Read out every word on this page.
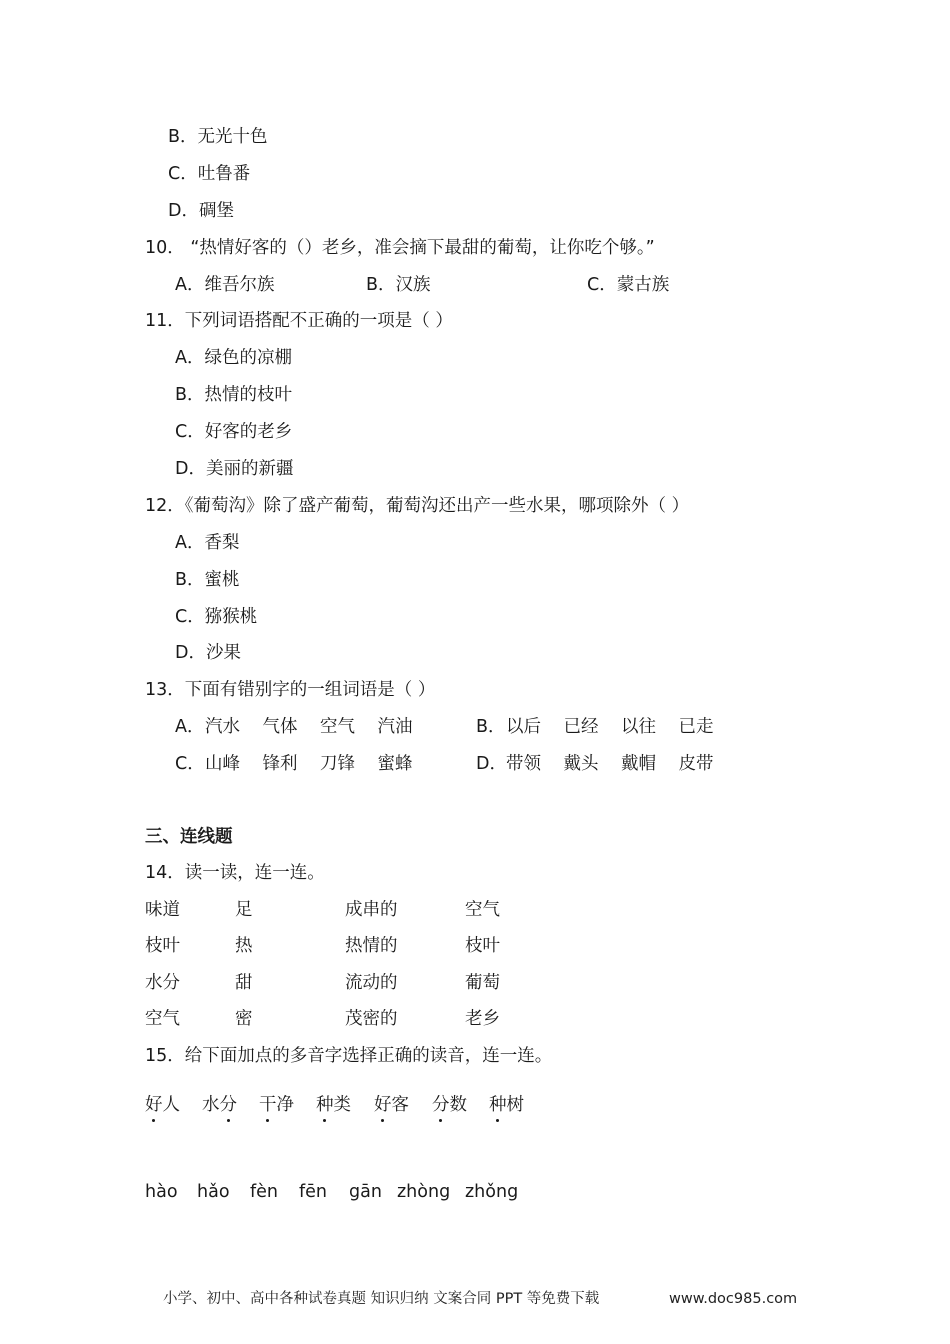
B．无光十色
C．吐鲁番
D．碉堡
10． “热情好客的（）老乡，准会摘下最甜的葡萄，让你吃个够。”
A．维吾尔族	B．汉族	C．蒙古族
11．下列词语搭配不正确的一项是（ ）
A．绿色的凉棚
B．热情的枝叶
C．好客的老乡
D．美丽的新疆
12．《葡萄沟》除了盛产葡萄，葡萄沟还出产一些水果，哪项除外（ ）
A．香梨
B．蜜桃
C．猕猴桃
D．沙果
13．下面有错别字的一组词语是（ ）
A． 汽水 气体 空气 汽油	B． 以后 已经 以往 已走
C． 山峰 锋利 刀锋 蜜蜂	D． 带领 戴头 戴帽 皮带
三、连线题
14．读一读，连一连。
味道	足	成串的	空气
枝叶	热	热情的	枝叶
水分	甜	流动的	葡萄
空气	密	茂密的	老乡
15．给下面加点的多音字选择正确的读音，连一连。
好人 水分 干净 种类 好客 分数 种树
hào hǎo fèn fēn gān zhòng zhǒng
小学、初中、高中各种试卷真题 知识归纳 文案合同 PPT 等免费下载	www.doc985.com
